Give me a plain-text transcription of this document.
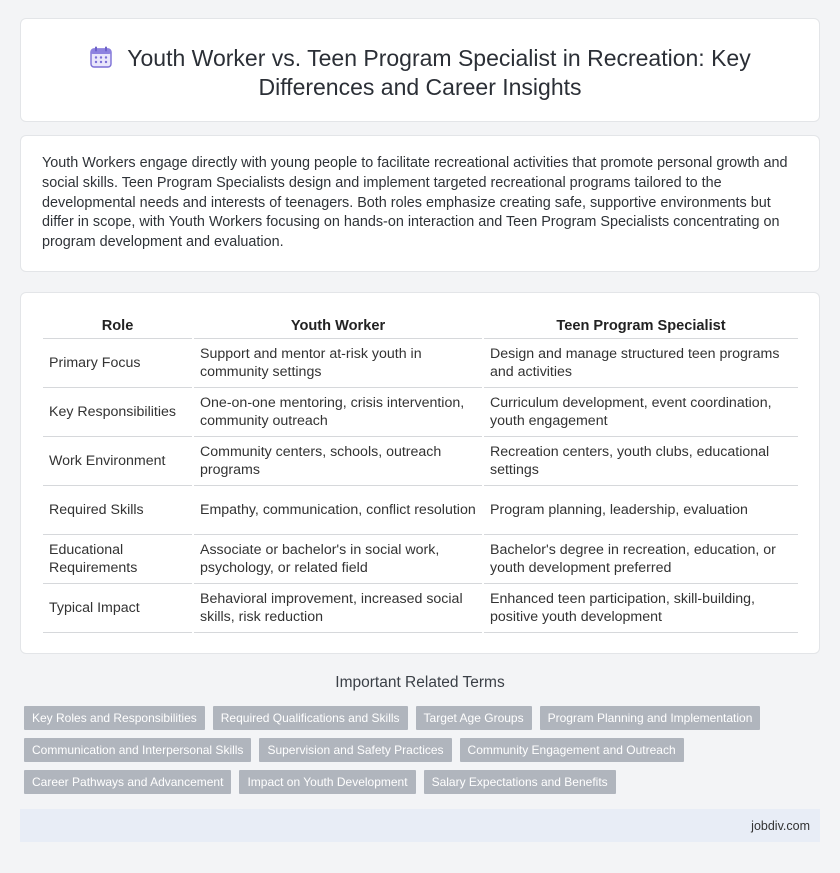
Youth Worker vs. Teen Program Specialist in Recreation: Key Differences and Career Insights

Youth Workers engage directly with young people to facilitate recreational activities that promote personal growth and social skills. Teen Program Specialists design and implement targeted recreational programs tailored to the developmental needs and interests of teenagers. Both roles emphasize creating safe, supportive environments but differ in scope, with Youth Workers focusing on hands-on interaction and Teen Program Specialists concentrating on program development and evaluation.

Role	Youth Worker	Teen Program Specialist
Primary Focus	Support and mentor at-risk youth in community settings	Design and manage structured teen programs and activities
Key Responsibilities	One-on-one mentoring, crisis intervention, community outreach	Curriculum development, event coordination, youth engagement
Work Environment	Community centers, schools, outreach programs	Recreation centers, youth clubs, educational settings
Required Skills	Empathy, communication, conflict resolution	Program planning, leadership, evaluation
Educational Requirements	Associate or bachelor's in social work, psychology, or related field	Bachelor's degree in recreation, education, or youth development preferred
Typical Impact	Behavioral improvement, increased social skills, risk reduction	Enhanced teen participation, skill-building, positive youth development
Important Related Terms
Key Roles and Responsibilities	Required Qualifications and Skills	Target Age Groups	Program Planning and Implementation
Communication and Interpersonal Skills	Supervision and Safety Practices	Community Engagement and Outreach
Career Pathways and Advancement	Impact on Youth Development	Salary Expectations and Benefits
jobdiv.com
